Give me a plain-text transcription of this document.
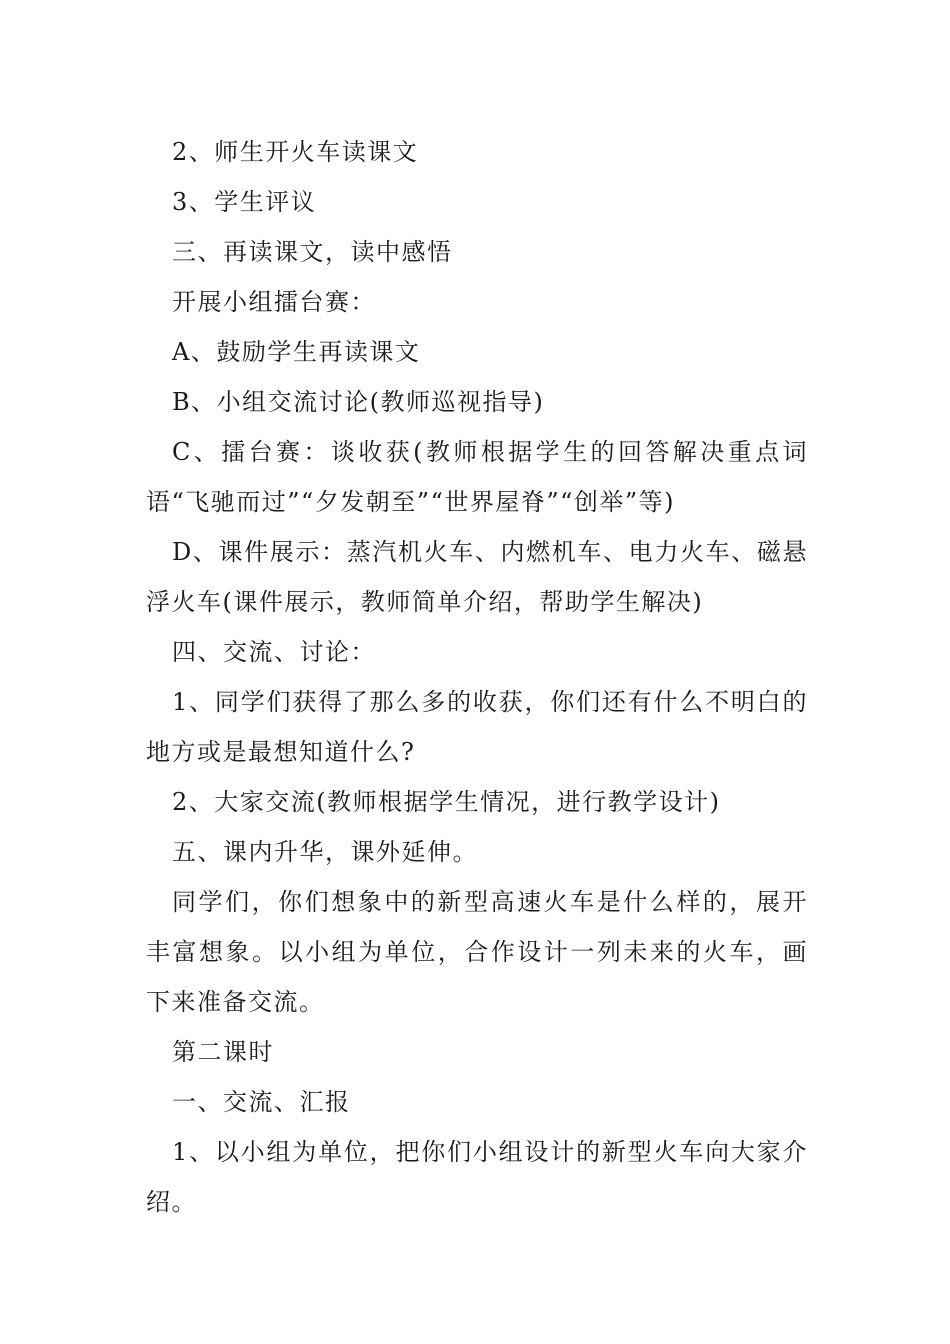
2、师生开火车读课文

3、学生评议

三、再读课文，读中感悟

开展小组擂台赛：

A、鼓励学生再读课文

B、小组交流讨论(教师巡视指导)

C、擂台赛：谈收获(教师根据学生的回答解决重点词语“飞驰而过”“夕发朝至”“世界屋脊”“创举”等)

D、课件展示：蒸汽机火车、内燃机车、电力火车、磁悬浮火车(课件展示，教师简单介绍，帮助学生解决)

四、交流、讨论：

1、同学们获得了那么多的收获，你们还有什么不明白的地方或是最想知道什么?

2、大家交流(教师根据学生情况，进行教学设计)

五、课内升华，课外延伸。

同学们，你们想象中的新型高速火车是什么样的，展开丰富想象。以小组为单位，合作设计一列未来的火车，画下来准备交流。

第二课时

一、交流、汇报

1、以小组为单位，把你们小组设计的新型火车向大家介绍。
